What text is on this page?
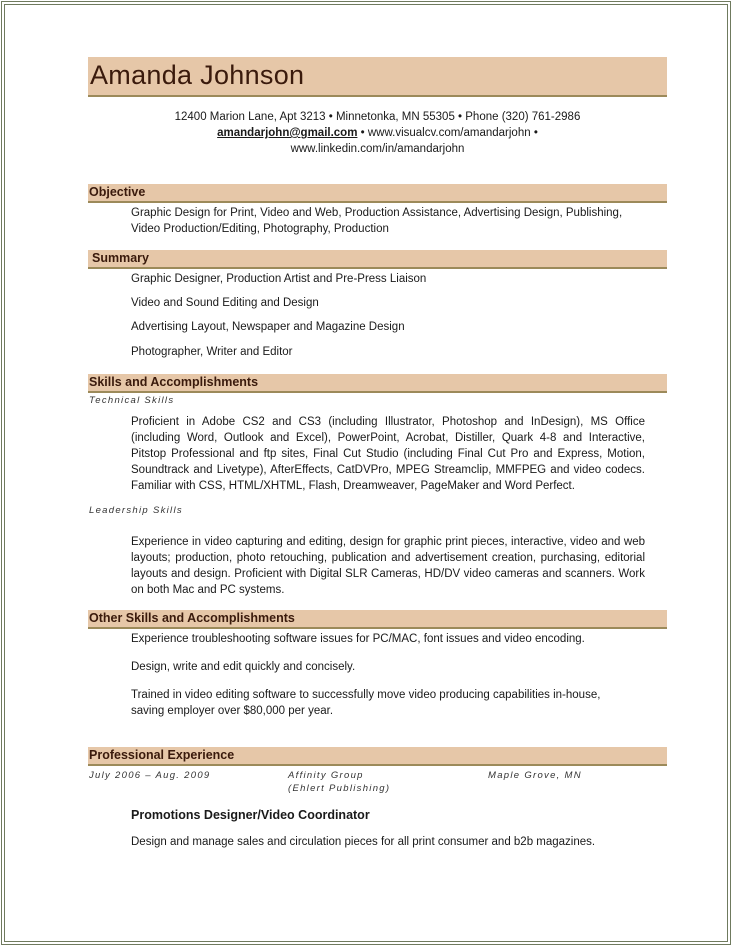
Amanda Johnson
12400 Marion Lane, Apt 3213 • Minnetonka, MN 55305 • Phone (320) 761-2986
amandarjohn@gmail.com • www.visualcv.com/amandarjohn •
www.linkedin.com/in/amandarjohn
Objective
Graphic Design for Print, Video and Web, Production Assistance, Advertising Design, Publishing,
Video Production/Editing, Photography, Production
Summary
Graphic Designer, Production Artist and Pre-Press Liaison
Video and Sound Editing and Design
Advertising Layout, Newspaper and Magazine Design
Photographer, Writer and Editor
Skills and Accomplishments
Technical Skills
Proficient in Adobe CS2 and CS3 (including Illustrator, Photoshop and InDesign), MS Office (including Word, Outlook and Excel), PowerPoint, Acrobat, Distiller, Quark 4-8 and Interactive, Pitstop Professional and ftp sites, Final Cut Studio (including Final Cut Pro and Express, Motion, Soundtrack and Livetype), AfterEffects, CatDVPro, MPEG Streamclip, MMFPEG and video codecs. Familiar with CSS, HTML/XHTML, Flash, Dreamweaver, PageMaker and Word Perfect.
Leadership Skills
Experience in video capturing and editing, design for graphic print pieces, interactive, video and web layouts; production, photo retouching, publication and advertisement creation, purchasing, editorial layouts and design. Proficient with Digital SLR Cameras, HD/DV video cameras and scanners. Work on both Mac and PC systems.
Other Skills and Accomplishments
Experience troubleshooting software issues for PC/MAC, font issues and video encoding.
Design, write and edit quickly and concisely.
Trained in video editing software to successfully move video producing capabilities in-house, saving employer over $80,000 per year.
Professional Experience
July 2006 – Aug. 2009	Affinity Group
(Ehlert Publishing)
Maple Grove, MN
Promotions Designer/Video Coordinator
Design and manage sales and circulation pieces for all print consumer and b2b magazines.
